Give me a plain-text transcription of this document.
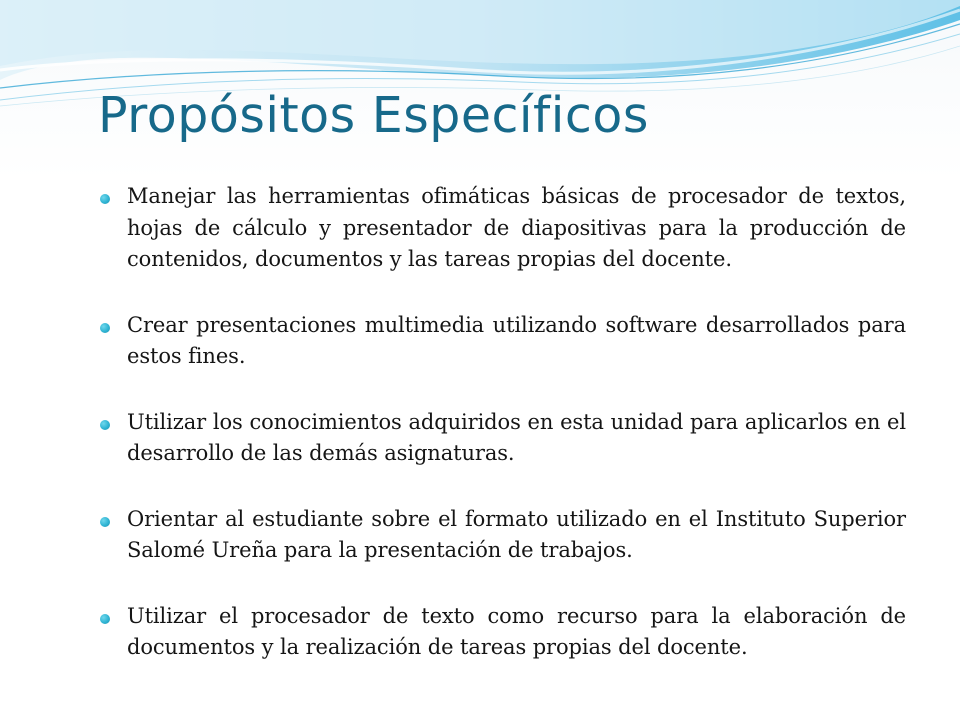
Propósitos Específicos
Manejar las herramientas ofimáticas básicas de procesador de textos, hojas de cálculo y presentador de diapositivas para la producción de contenidos, documentos y las tareas propias del docente.
Crear presentaciones multimedia utilizando software desarrollados para estos fines.
Utilizar los conocimientos adquiridos en esta unidad para aplicarlos en el desarrollo de las demás asignaturas.
Orientar al estudiante sobre el formato utilizado en el Instituto Superior Salomé Ureña para la presentación de trabajos.
Utilizar el procesador de texto como recurso para la elaboración de documentos y la realización de tareas propias del docente.
